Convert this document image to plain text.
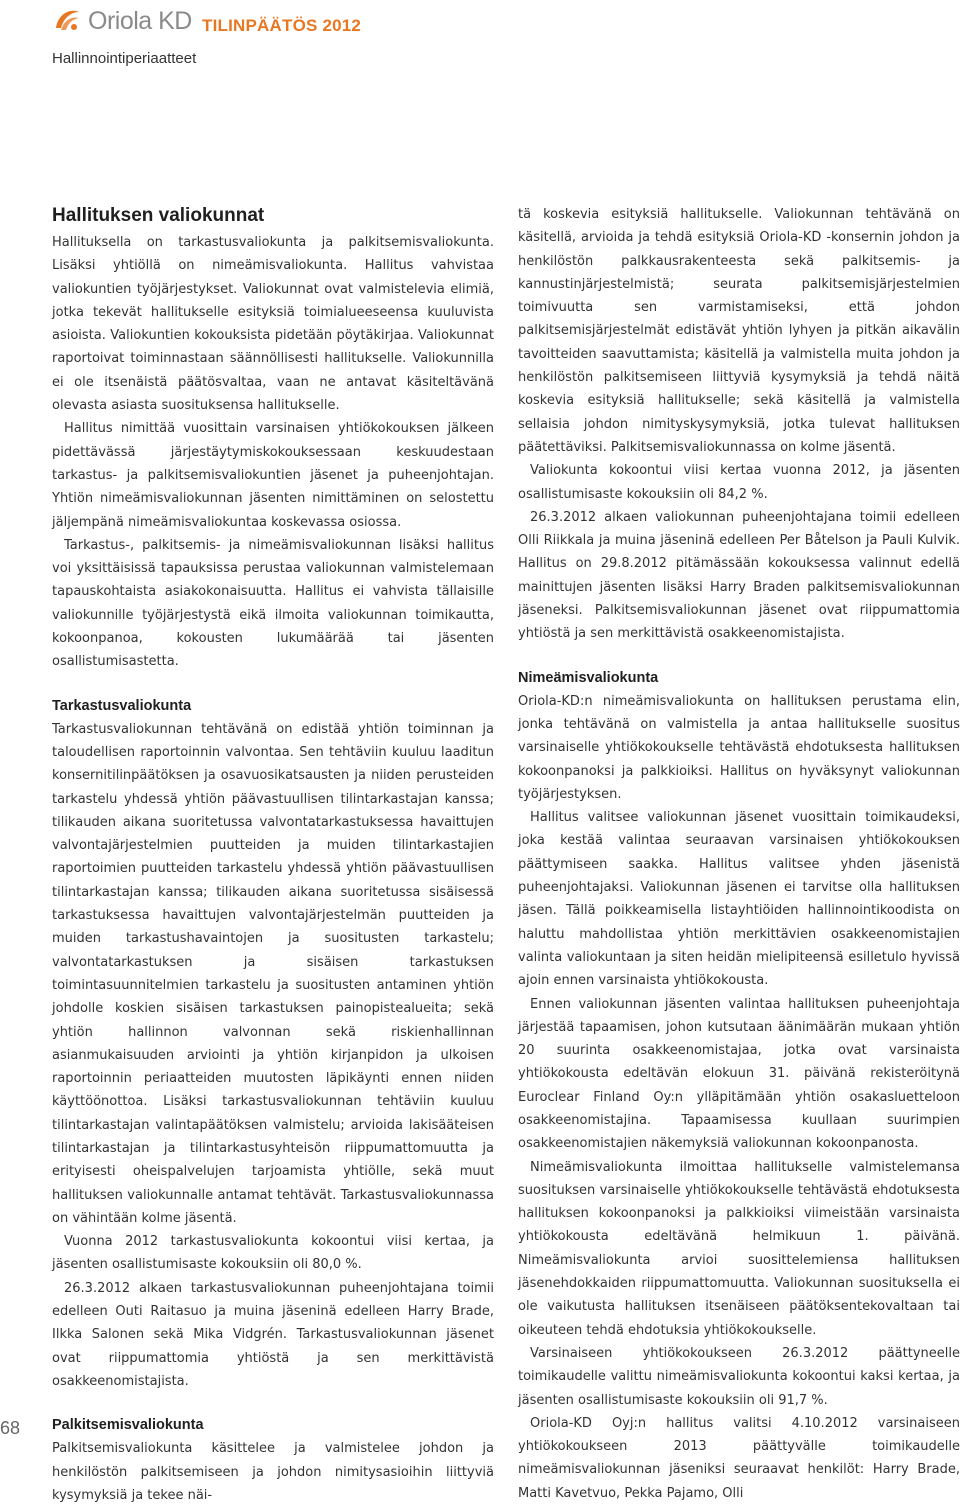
Oriola KD TILINPÄÄTÖS 2012
Hallinnointiperiaatteet
Hallituksen valiokunnat

Hallituksella on tarkastusvaliokunta ja palkitsemisvaliokunta. Lisäksi yhtiöllä on nimeämisvaliokunta. Hallitus vahvistaa valiokuntien työjärjestykset. Valiokunnat ovat valmistelevia elimiä, jotka tekevät hallitukselle esityksiä toimialueeseensa kuuluvista asioista. Valiokuntien kokouksista pidetään pöytäkirjaa. Valiokunnat raportoivat toiminnastaan säännöllisesti hallitukselle. Valiokunnilla ei ole itsenäistä päätösvaltaa, vaan ne antavat käsiteltävänä olevasta asiasta suosituksensa hallitukselle.

Hallitus nimittää vuosittain varsinaisen yhtiökokouksen jälkeen pidettävässä järjestäytymiskokouksessaan keskuudestaan tarkastus- ja palkitsemisvaliokuntien jäsenet ja puheenjohtajan. Yhtiön nimeämisvaliokunnan jäsenten nimittäminen on selostettu jäljempänä nimeämisvaliokuntaa koskevassa osiossa.

Tarkastus-, palkitsemis- ja nimeämisvaliokunnan lisäksi hallitus voi yksittäisissä tapauksissa perustaa valiokunnan valmistelemaan tapauskohtaista asiakokonaisuutta. Hallitus ei vahvista tällaisille valiokunnille työjärjestystä eikä ilmoita valiokunnan toimikautta, kokoonpanoa, kokousten lukumäärää tai jäsenten osallistumisastetta.

Tarkastusvaliokunta

Tarkastusvaliokunnan tehtävänä on edistää yhtiön toiminnan ja taloudellisen raportoinnin valvontaa. Sen tehtäviin kuuluu laaditun konsernitilinpäätöksen ja osavuosikatsausten ja niiden perusteiden tarkastelu yhdessä yhtiön päävastuullisen tilintarkastajan kanssa; tilikauden aikana suoritetussa valvontatarkastuksessa havaittujen valvontajärjestelmien puutteiden ja muiden tilintarkastajien raportoimien puutteiden tarkastelu yhdessä yhtiön päävastuullisen tilintarkastajan kanssa; tilikauden aikana suoritetussa sisäisessä tarkastuksessa havaittujen valvontajärjestelmän puutteiden ja muiden tarkastushavaintojen ja suositusten tarkastelu; valvontatarkastuksen ja sisäisen tarkastuksen toimintasuunnitelmien tarkastelu ja suositusten antaminen yhtiön johdolle koskien sisäisen tarkastuksen painopistealueita; sekä yhtiön hallinnon valvonnan sekä riskienhallinnan asianmukaisuuden arviointi ja yhtiön kirjanpidon ja ulkoisen raportoinnin periaatteiden muutosten läpikäynti ennen niiden käyttöönottoa. Lisäksi tarkastusvaliokunnan tehtäviin kuuluu tilintarkastajan valintapäätöksen valmistelu; arvioida lakisääteisen tilintarkastajan ja tilintarkastusyhteisön riippumattomuutta ja erityisesti oheispalvelujen tarjoamista yhtiölle, sekä muut hallituksen valiokunnalle antamat tehtävät. Tarkastusvaliokunnassa on vähintään kolme jäsentä.

Vuonna 2012 tarkastusvaliokunta kokoontui viisi kertaa, ja jäsenten osallistumisaste kokouksiin oli 80,0 %.

26.3.2012 alkaen tarkastusvaliokunnan puheenjohtajana toimii edelleen Outi Raitasuo ja muina jäseninä edelleen Harry Brade, Ilkka Salonen sekä Mika Vidgrén. Tarkastusvaliokunnan jäsenet ovat riippumattomia yhtiöstä ja sen merkittävistä osakkeenomistajista.

Palkitsemisvaliokunta

Palkitsemisvaliokunta käsittelee ja valmistelee johdon ja henkilöstön palkitsemiseen ja johdon nimitysasioihin liittyviä kysymyksiä ja tekee näi-

tä koskevia esityksiä hallitukselle. Valiokunnan tehtävänä on käsitellä, arvioida ja tehdä esityksiä Oriola-KD -konsernin johdon ja henkilöstön palkkausrakenteesta sekä palkitsemis- ja kannustinjärjestelmistä; seurata palkitsemisjärjestelmien toimivuutta sen varmistamiseksi, että johdon palkitsemisjärjestelmät edistävät yhtiön lyhyen ja pitkän aikavälin tavoitteiden saavuttamista; käsitellä ja valmistella muita johdon ja henkilöstön palkitsemiseen liittyviä kysymyksiä ja tehdä näitä koskevia esityksiä hallitukselle; sekä käsitellä ja valmistella sellaisia johdon nimityskysymyksiä, jotka tulevat hallituksen päätettäviksi. Palkitsemisvaliokunnassa on kolme jäsentä.

Valiokunta kokoontui viisi kertaa vuonna 2012, ja jäsenten osallistumisaste kokouksiin oli 84,2 %.

26.3.2012 alkaen valiokunnan puheenjohtajana toimii edelleen Olli Riikkala ja muina jäseninä edelleen Per Båtelson ja Pauli Kulvik. Hallitus on 29.8.2012 pitämässään kokouksessa valinnut edellä mainittujen jäsenten lisäksi Harry Braden palkitsemisvaliokunnan jäseneksi. Palkitsemisvaliokunnan jäsenet ovat riippumattomia yhtiöstä ja sen merkittävistä osakkeenomistajista.

Nimeämisvaliokunta

Oriola-KD:n nimeämisvaliokunta on hallituksen perustama elin, jonka tehtävänä on valmistella ja antaa hallitukselle suositus varsinaiselle yhtiökokoukselle tehtävästä ehdotuksesta hallituksen kokoonpanoksi ja palkkioiksi. Hallitus on hyväksynyt valiokunnan työjärjestyksen.

Hallitus valitsee valiokunnan jäsenet vuosittain toimikaudeksi, joka kestää valintaa seuraavan varsinaisen yhtiökokouksen päättymiseen saakka. Hallitus valitsee yhden jäsenistä puheenjohtajaksi. Valiokunnan jäsenen ei tarvitse olla hallituksen jäsen. Tällä poikkeamisella listayhtiöiden hallinnointikoodista on haluttu mahdollistaa yhtiön merkittävien osakkeenomistajien valinta valiokuntaan ja siten heidän mielipiteensä esilletulo hyvissä ajoin ennen varsinaista yhtiökokousta.

Ennen valiokunnan jäsenten valintaa hallituksen puheenjohtaja järjestää tapaamisen, johon kutsutaan äänimäärän mukaan yhtiön 20 suurinta osakkeenomistajaa, jotka ovat varsinaista yhtiökokousta edeltävän elokuun 31. päivänä rekisteröitynä Euroclear Finland Oy:n ylläpitämään yhtiön osakasluetteloon osakkeenomistajina. Tapaamisessa kuullaan suurimpien osakkeenomistajien näkemyksiä valiokunnan kokoonpanosta.

Nimeämisvaliokunta ilmoittaa hallitukselle valmistelemansa suosituksen varsinaiselle yhtiökokoukselle tehtävästä ehdotuksesta hallituksen kokoonpanoksi ja palkkioiksi viimeistään varsinaista yhtiökokousta edeltävänä helmikuun 1. päivänä. Nimeämisvaliokunta arvioi suosittelemiensa hallituksen jäsenehdokkaiden riippumattomuutta. Valiokunnan suosituksella ei ole vaikutusta hallituksen itsenäiseen päätöksentekovaltaan tai oikeuteen tehdä ehdotuksia yhtiökokoukselle.

Varsinaiseen yhtiökokoukseen 26.3.2012 päättyneelle toimikaudelle valittu nimeämisvaliokunta kokoontui kaksi kertaa, ja jäsenten osallistumisaste kokouksiin oli 91,7 %.

Oriola-KD Oyj:n hallitus valitsi 4.10.2012 varsinaiseen yhtiökokoukseen 2013 päättyvälle toimikaudelle nimeämisvaliokunnan jäseniksi seuraavat henkilöt: Harry Brade, Matti Kavetvuo, Pekka Pajamo, Olli

68
